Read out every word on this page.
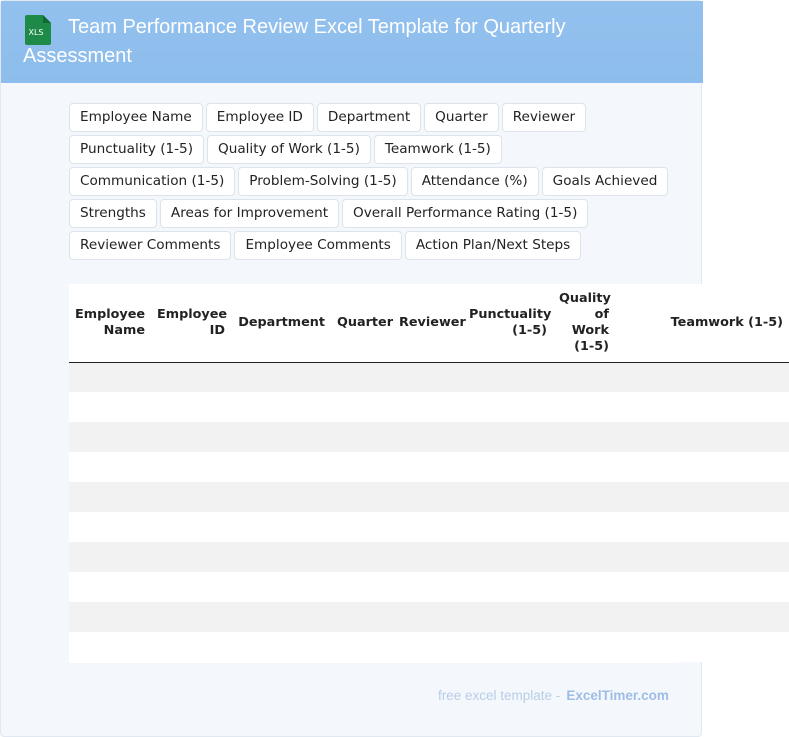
XLS	Team Performance Review Excel Template for Quarterly Assessment
Employee Name	Employee ID	Department	Quarter	Reviewer
Punctuality (1-5)	Quality of Work (1-5)	Teamwork (1-5)
Communication (1-5)	Problem-Solving (1-5)	Attendance (%)	Goals Achieved
Strengths	Areas for Improvement	Overall Performance Rating (1-5)
Reviewer Comments	Employee Comments	Action Plan/Next Steps
Employee Name	Employee ID	Department	Quarter	Reviewer	Punctuality (1-5)	Quality of Work (1-5)	Teamwork (1-5)

free excel template - ExcelTimer.com
